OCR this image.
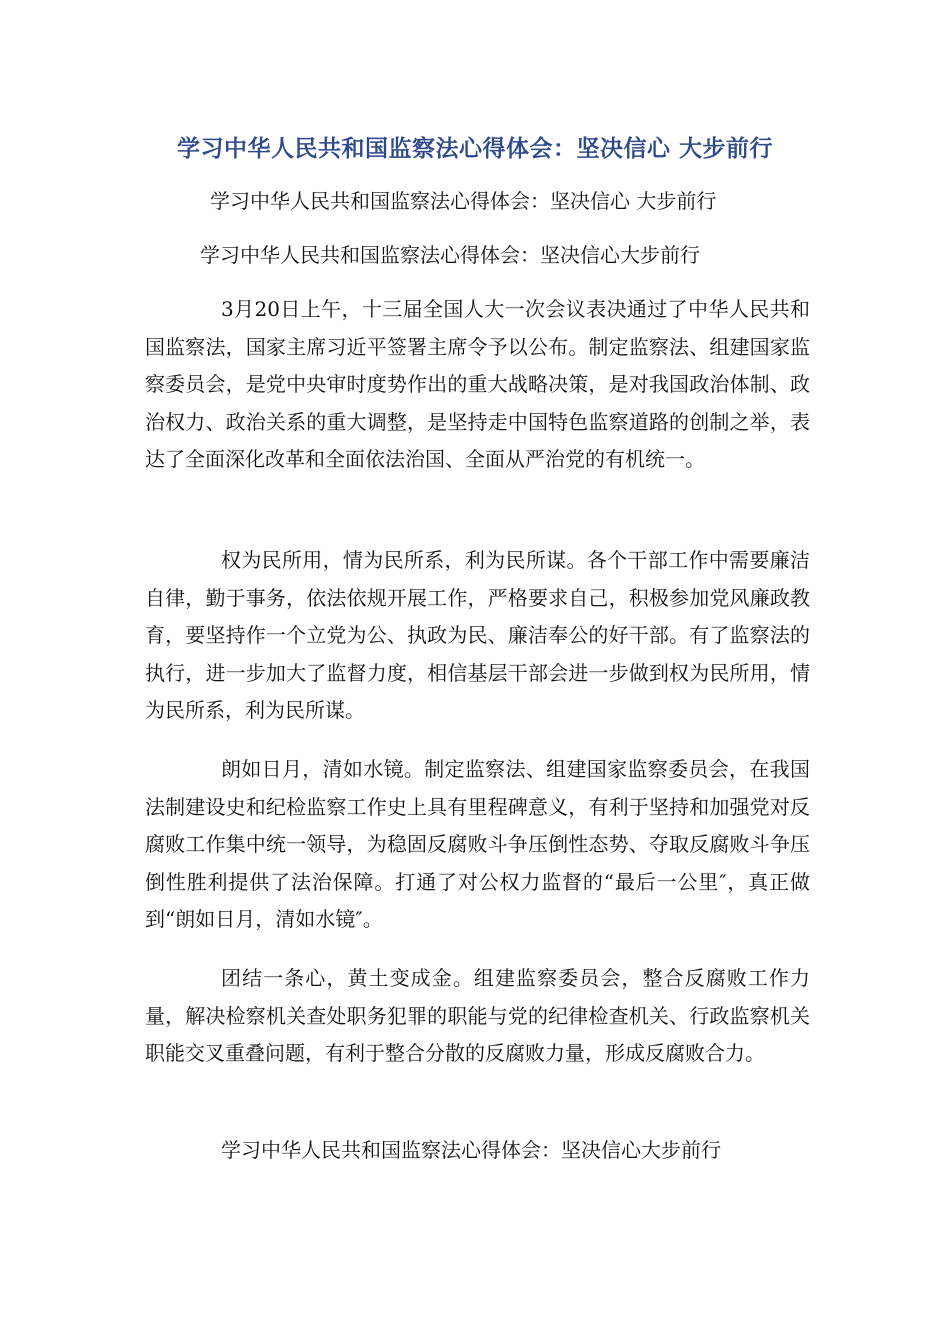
学习中华人民共和国监察法心得体会：坚决信心 大步前行

学习中华人民共和国监察法心得体会：坚决信心 大步前行

学习中华人民共和国监察法心得体会：坚决信心大步前行

3月20日上午，十三届全国人大一次会议表决通过了中华人民共和国监察法，国家主席习近平签署主席令予以公布。制定监察法、组建国家监察委员会，是党中央审时度势作出的重大战略决策，是对我国政治体制、政治权力、政治关系的重大调整，是坚持走中国特色监察道路的创制之举，表达了全面深化改革和全面依法治国、全面从严治党的有机统一。

权为民所用，情为民所系，利为民所谋。各个干部工作中需要廉洁自律，勤于事务，依法依规开展工作，严格要求自己，积极参加党风廉政教育，要坚持作一个立党为公、执政为民、廉洁奉公的好干部。有了监察法的执行，进一步加大了监督力度，相信基层干部会进一步做到权为民所用，情为民所系，利为民所谋。

朗如日月，清如水镜。制定监察法、组建国家监察委员会，在我国法制建设史和纪检监察工作史上具有里程碑意义，有利于坚持和加强党对反腐败工作集中统一领导，为稳固反腐败斗争压倒性态势、夺取反腐败斗争压倒性胜利提供了法治保障。打通了对公权力监督的“最后一公里″，真正做到“朗如日月，清如水镜″。

团结一条心，黄土变成金。组建监察委员会，整合反腐败工作力量，解决检察机关查处职务犯罪的职能与党的纪律检查机关、行政监察机关职能交叉重叠问题，有利于整合分散的反腐败力量，形成反腐败合力。

学习中华人民共和国监察法心得体会：坚决信心大步前行
